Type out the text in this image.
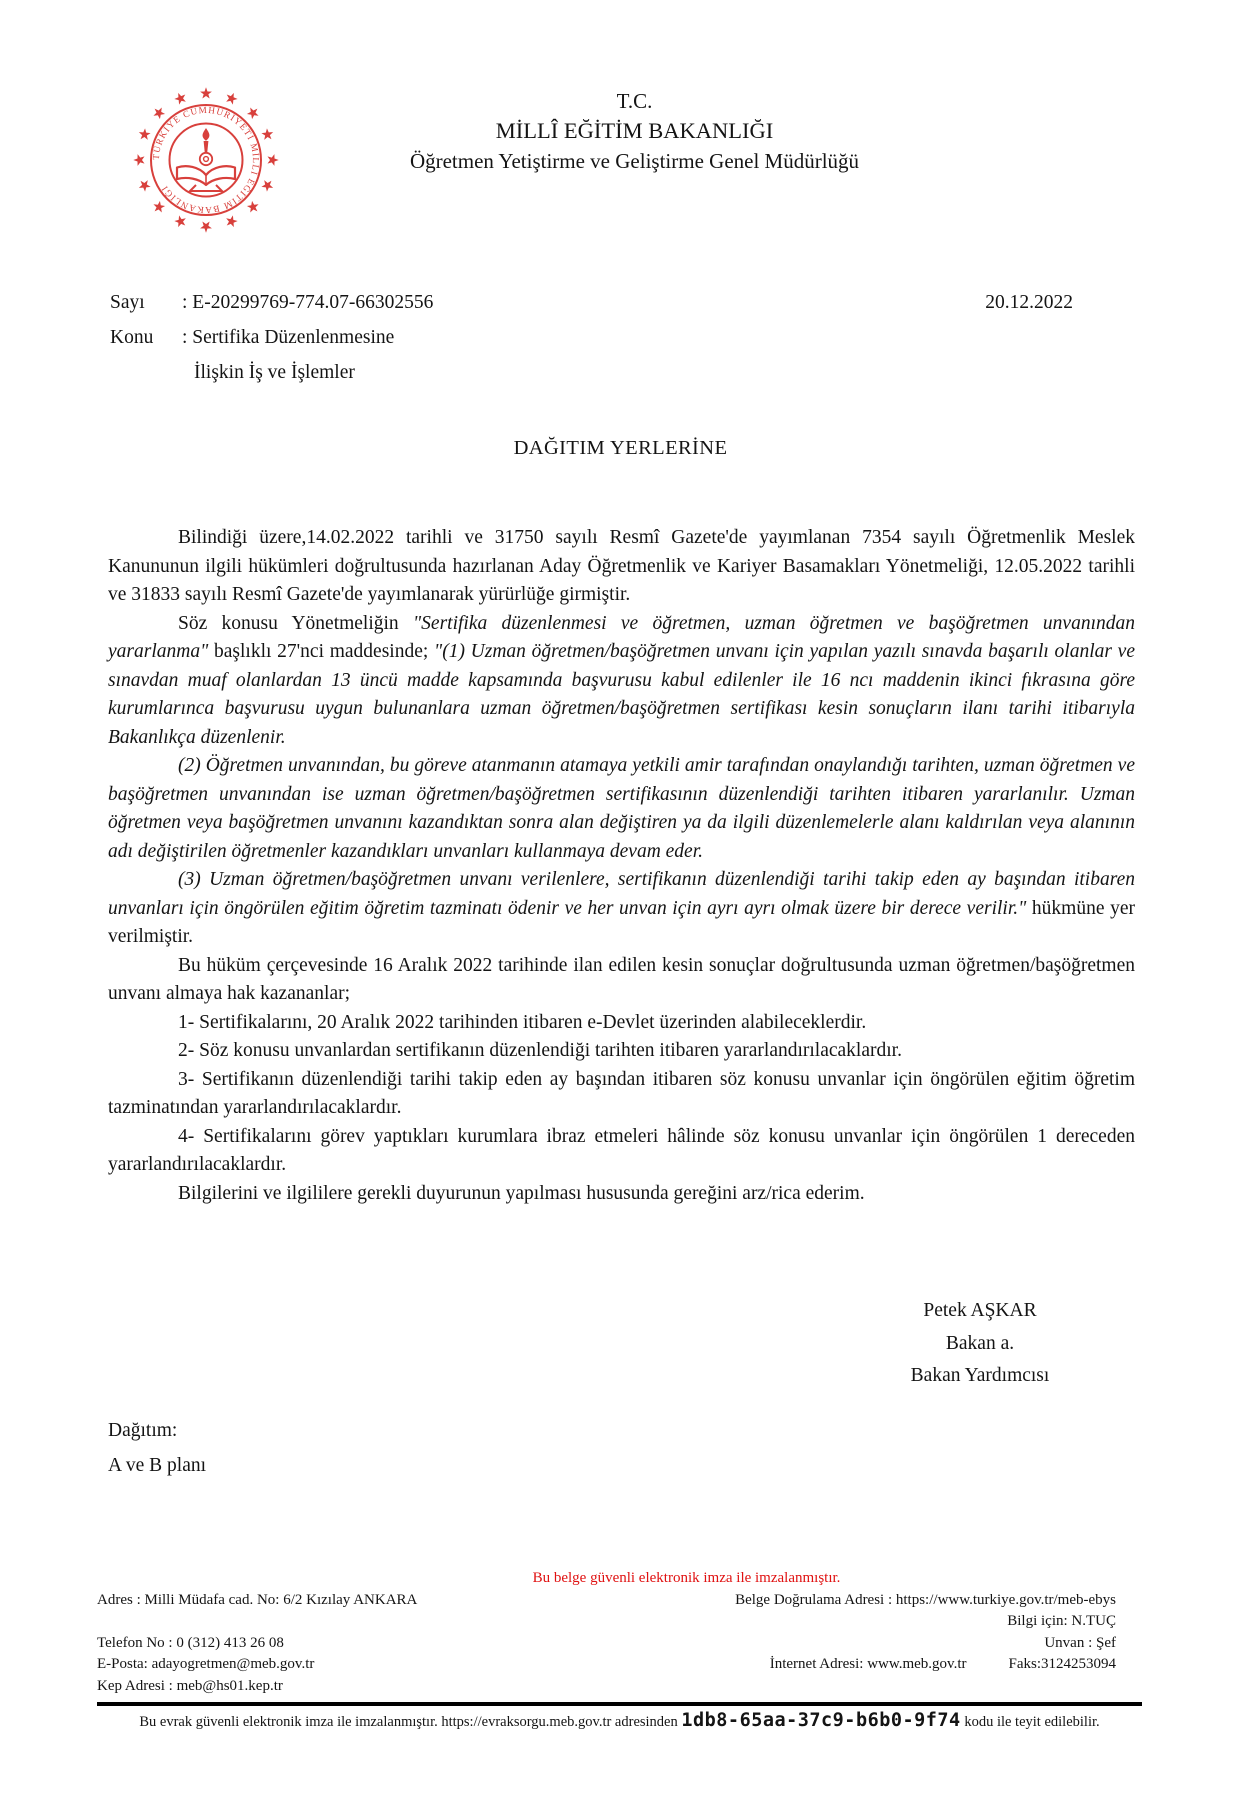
TÜRKİYE CUMHURİYETİ MİLLÎ EĞİTİM BAKANLIĞI
T.C.
MİLLÎ EĞİTİM BAKANLIĞI
Öğretmen Yetiştirme ve Geliştirme Genel Müdürlüğü
Sayı : E-20299769-774.07-66302556
Konu : Sertifika Düzenlenmesine
İlişkin İş ve İşlemler
20.12.2022
DAĞITIM YERLERİNE

Bilindiği üzere,14.02.2022 tarihli ve 31750 sayılı Resmî Gazete'de yayımlanan 7354 sayılı Öğretmenlik Meslek Kanununun ilgili hükümleri doğrultusunda hazırlanan Aday Öğretmenlik ve Kariyer Basamakları Yönetmeliği, 12.05.2022 tarihli ve 31833 sayılı Resmî Gazete'de yayımlanarak yürürlüğe girmiştir.

Söz konusu Yönetmeliğin "Sertifika düzenlenmesi ve öğretmen, uzman öğretmen ve başöğretmen unvanından yararlanma" başlıklı 27'nci maddesinde; "(1) Uzman öğretmen/başöğretmen unvanı için yapılan yazılı sınavda başarılı olanlar ve sınavdan muaf olanlardan 13 üncü madde kapsamında başvurusu kabul edilenler ile 16 ncı maddenin ikinci fıkrasına göre kurumlarınca başvurusu uygun bulunanlara uzman öğretmen/başöğretmen sertifikası kesin sonuçların ilanı tarihi itibarıyla Bakanlıkça düzenlenir.

(2) Öğretmen unvanından, bu göreve atanmanın atamaya yetkili amir tarafından onaylandığı tarihten, uzman öğretmen ve başöğretmen unvanından ise uzman öğretmen/başöğretmen sertifikasının düzenlendiği tarihten itibaren yararlanılır. Uzman öğretmen veya başöğretmen unvanını kazandıktan sonra alan değiştiren ya da ilgili düzenlemelerle alanı kaldırılan veya alanının adı değiştirilen öğretmenler kazandıkları unvanları kullanmaya devam eder.

(3) Uzman öğretmen/başöğretmen unvanı verilenlere, sertifikanın düzenlendiği tarihi takip eden ay başından itibaren unvanları için öngörülen eğitim öğretim tazminatı ödenir ve her unvan için ayrı ayrı olmak üzere bir derece verilir." hükmüne yer verilmiştir.

Bu hüküm çerçevesinde 16 Aralık 2022 tarihinde ilan edilen kesin sonuçlar doğrultusunda uzman öğretmen/başöğretmen unvanı almaya hak kazananlar;

1- Sertifikalarını, 20 Aralık 2022 tarihinden itibaren e-Devlet üzerinden alabileceklerdir.

2- Söz konusu unvanlardan sertifikanın düzenlendiği tarihten itibaren yararlandırılacaklardır.

3- Sertifikanın düzenlendiği tarihi takip eden ay başından itibaren söz konusu unvanlar için öngörülen eğitim öğretim tazminatından yararlandırılacaklardır.

4- Sertifikalarını görev yaptıkları kurumlara ibraz etmeleri hâlinde söz konusu unvanlar için öngörülen 1 dereceden yararlandırılacaklardır.

Bilgilerini ve ilgililere gerekli duyurunun yapılması hususunda gereğini arz/rica ederim.

Petek AŞKAR
Bakan a.
Bakan Yardımcısı
Dağıtım:
A ve B planı
Bu belge güvenli elektronik imza ile imzalanmıştır.
Adres : Milli Müdafa cad. No: 6/2 Kızılay ANKARA	Belge Doğrulama Adresi : https://www.turkiye.gov.tr/meb-ebys
Bilgi için: N.TUÇ
Telefon No : 0 (312) 413 26 08	Unvan : Şef
E-Posta: adayogretmen@meb.gov.tr	İnternet Adresi: www.meb.gov.tr	Faks:3124253094
Kep Adresi : meb@hs01.kep.tr
Bu evrak güvenli elektronik imza ile imzalanmıştır. https://evraksorgu.meb.gov.tr adresinden 1db8-65aa-37c9-b6b0-9f74 kodu ile teyit edilebilir.
